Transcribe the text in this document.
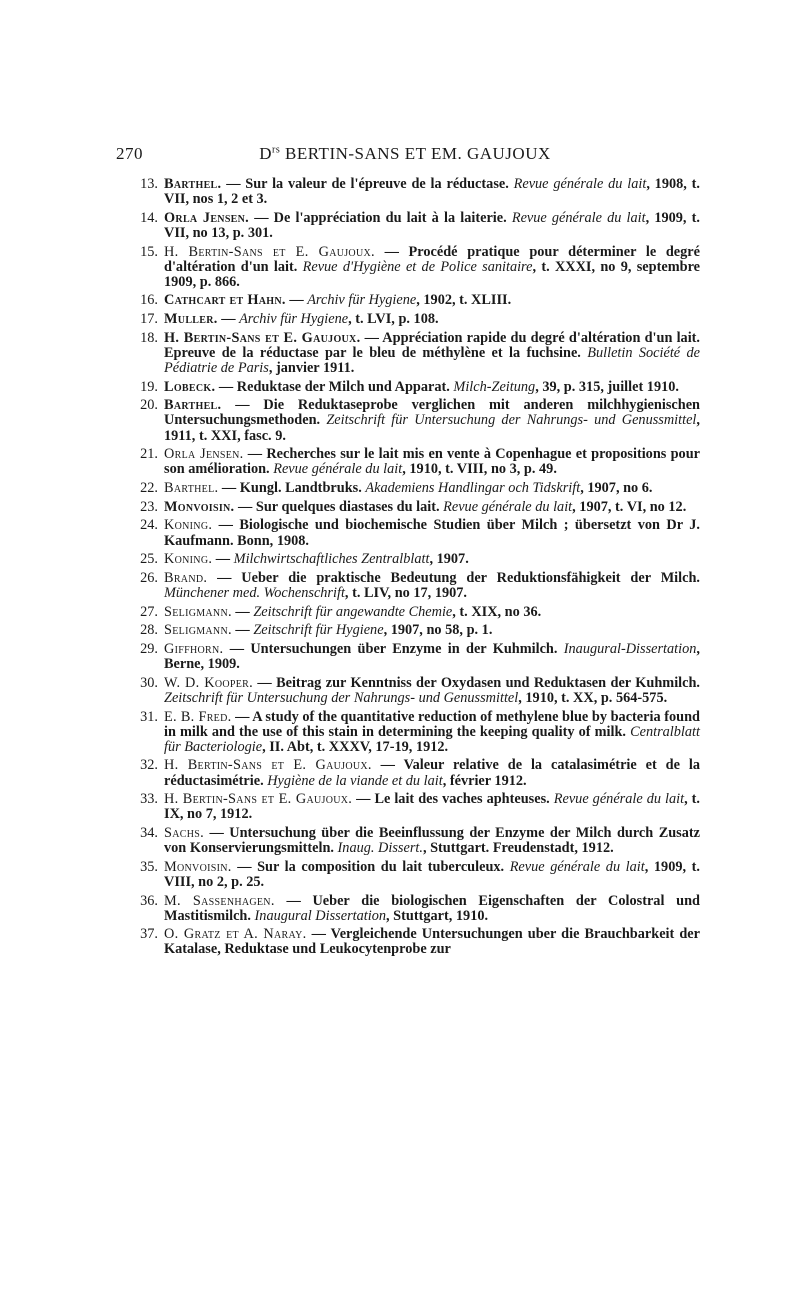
270	$D^{rs}$ BERTIN-SANS ET EM. GAUJOUX
13. Barthel. — Sur la valeur de l'épreuve de la réductase. Revue générale du lait, 1908, t. VII, nos 1, 2 et 3.
14. Orla Jensen. — De l'appréciation du lait à la laiterie. Revue générale du lait, 1909, t. VII, no 13, p. 301.
15. H. Bertin-Sans et E. Gaujoux. — Procédé pratique pour déterminer le degré d'altération d'un lait. Revue d'Hygiène et de Police sanitaire, t. XXXI, no 9, septembre 1909, p. 866.
16. Cathcart et Hahn. — Archiv für Hygiene, 1902, t. XLIII.
17. Muller. — Archiv für Hygiene, t. LVI, p. 108.
18. H. Bertin-Sans et E. Gaujoux. — Appréciation rapide du degré d'altération d'un lait. Epreuve de la réductase par le bleu de méthylène et la fuchsine. Bulletin Société de Pédiatrie de Paris, janvier 1911.
19. Lobeck. — Reduktase der Milch und Apparat. Milch-Zeitung, 39, p. 315, juillet 1910.
20. Barthel. — Die Reduktaseprobe verglichen mit anderen milchhygienischen Untersuchungsmethoden. Zeitschrift für Untersuchung der Nahrungs- und Genussmittel, 1911, t. XXI, fasc. 9.
21. Orla Jensen. — Recherches sur le lait mis en vente à Copenhague et propositions pour son amélioration. Revue générale du lait, 1910, t. VIII, no 3, p. 49.
22. Barthel. — Kungl. Landtbruks. Akademiens Handlingar och Tidskrift, 1907, no 6.
23. Monvoisin. — Sur quelques diastases du lait. Revue générale du lait, 1907, t. VI, no 12.
24. Koning. — Biologische und biochemische Studien über Milch ; übersetzt von Dr J. Kaufmann. Bonn, 1908.
25. Koning. — Milchwirtschaftliches Zentralblatt, 1907.
26. Brand. — Ueber die praktische Bedeutung der Reduktionsfähigkeit der Milch. Münchener med. Wochenschrift, t. LIV, no 17, 1907.
27. Seligmann. — Zeitschrift für angewandte Chemie, t. XIX, no 36.
28. Seligmann. — Zeitschrift für Hygiene, 1907, no 58, p. 1.
29. Giffhorn. — Untersuchungen über Enzyme in der Kuhmilch. Inaugural-Dissertation, Berne, 1909.
30. W. D. Kooper. — Beitrag zur Kenntniss der Oxydasen und Reduktasen der Kuhmilch. Zeitschrift für Untersuchung der Nahrungs- und Genussmittel, 1910, t. XX, p. 564-575.
31. E. B. Fred. — A study of the quantitative reduction of methylene blue by bacteria found in milk and the use of this stain in determining the keeping quality of milk. Centralblatt für Bacteriologie, II. Abt, t. XXXV, 17-19, 1912.
32. H. Bertin-Sans et E. Gaujoux. — Valeur relative de la catalasimétrie et de la réductasimétrie. Hygiène de la viande et du lait, février 1912.
33. H. Bertin-Sans et E. Gaujoux. — Le lait des vaches aphteuses. Revue générale du lait, t. IX, no 7, 1912.
34. Sachs. — Untersuchung über die Beeinflussung der Enzyme der Milch durch Zusatz von Konservierungsmitteln. Inaug. Dissert., Stuttgart. Freudenstadt, 1912.
35. Monvoisin. — Sur la composition du lait tuberculeux. Revue générale du lait, 1909, t. VIII, no 2, p. 25.
36. M. Sassenhagen. — Ueber die biologischen Eigenschaften der Colostral und Mastitismilch. Inaugural Dissertation, Stuttgart, 1910.
37. O. Gratz et A. Naray. — Vergleichende Untersuchungen uber die Brauchbarkeit der Katalase, Reduktase und Leukocytenprobe zur
